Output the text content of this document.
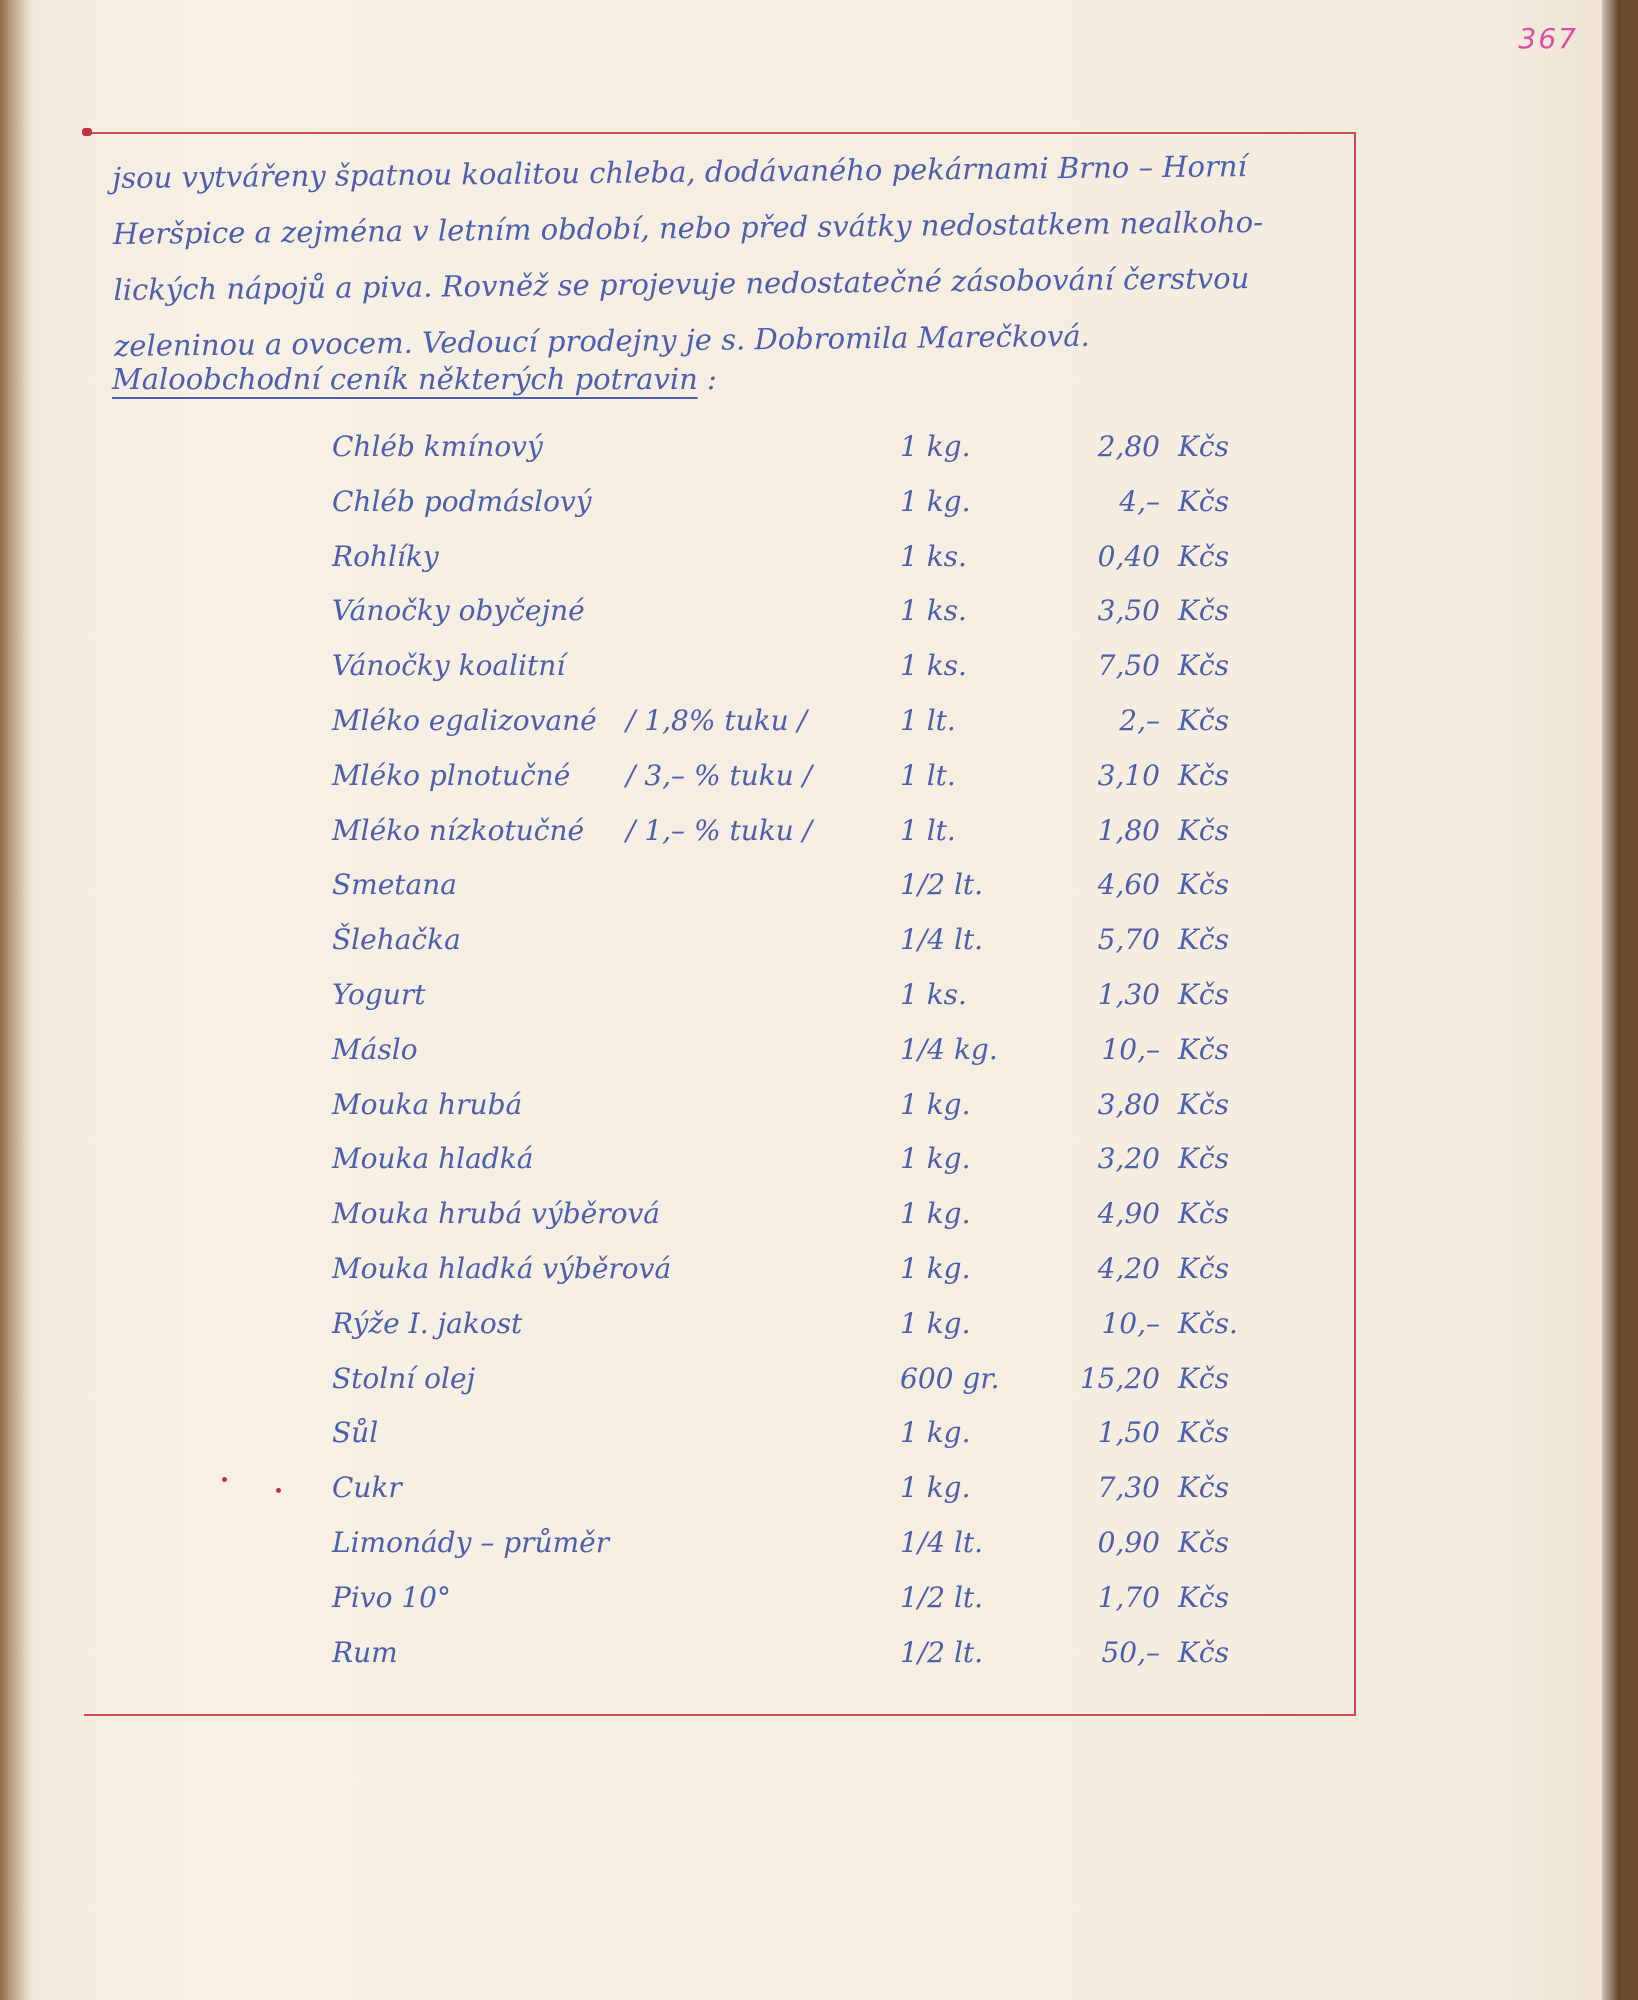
367
jsou vytvářeny špatnou koalitou chleba, dodávaného pekárnami Brno – Horní
Heršpice a zejména v letním období, nebo před svátky nedostatkem nealkoho-
lických nápojů a piva. Rovněž se projevuje nedostatečné zásobování čerstvou
zeleninou a ovocem. Vedoucí prodejny je s. Dobromila Marečková.
Maloobchodní ceník některých potravin :
Chléb kmínový	1 kg.	2,80 Kčs
Chléb podmáslový	1 kg.	4,– Kčs
Rohlíky	1 ks.	0,40 Kčs
Vánočky obyčejné	1 ks.	3,50 Kčs
Vánočky koalitní	1 ks.	7,50 Kčs
Mléko egalizované / 1,8% tuku /	1 lt.	2,– Kčs
Mléko plnotučné / 3,– % tuku /	1 lt.	3,10 Kčs
Mléko nízkotučné / 1,– % tuku /	1 lt.	1,80 Kčs
Smetana	1/2 lt.	4,60 Kčs
Šlehačka	1/4 lt.	5,70 Kčs
Yogurt	1 ks.	1,30 Kčs
Máslo	1/4 kg.	10,– Kčs
Mouka hrubá	1 kg.	3,80 Kčs
Mouka hladká	1 kg.	3,20 Kčs
Mouka hrubá výběrová	1 kg.	4,90 Kčs
Mouka hladká výběrová	1 kg.	4,20 Kčs
Rýže I. jakost	1 kg.	10,– Kčs.
Stolní olej	600 gr.	15,20 Kčs
Sůl	1 kg.	1,50 Kčs
Cukr	1 kg.	7,30 Kčs
Limonády – průměr	1/4 lt.	0,90 Kčs
Pivo 10°	1/2 lt.	1,70 Kčs
Rum	1/2 lt.	50,– Kčs
